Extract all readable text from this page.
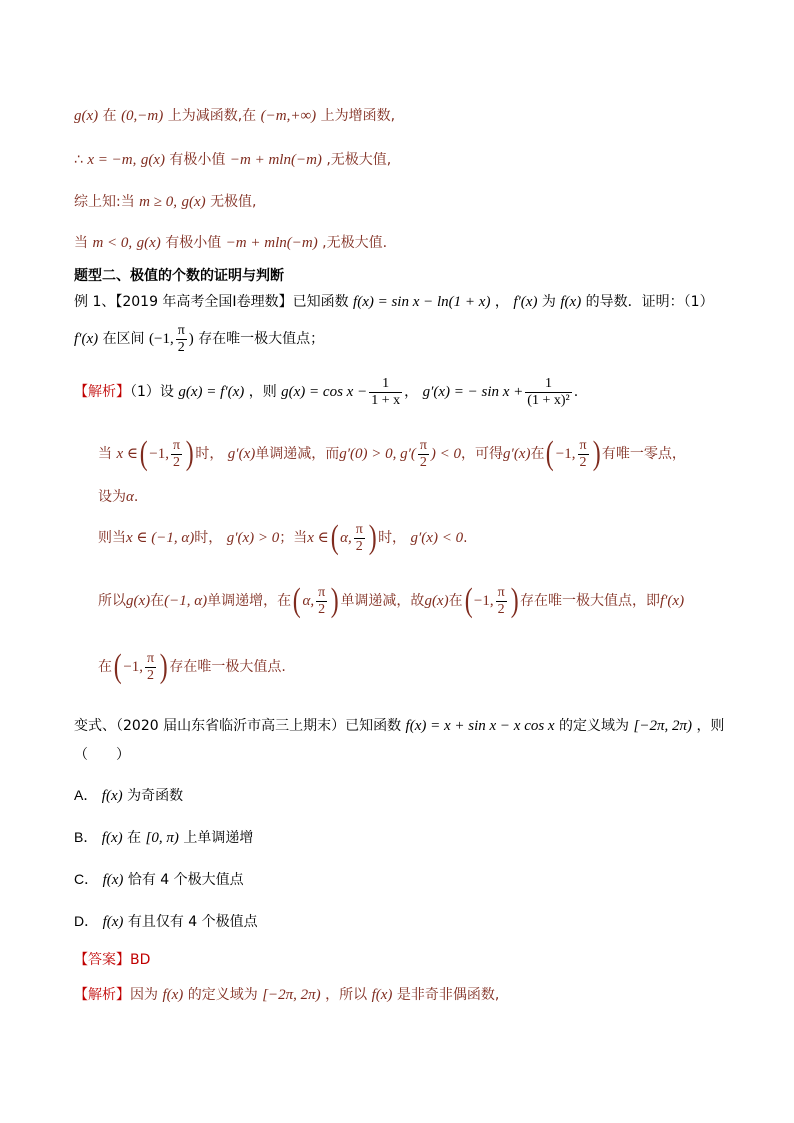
g(x) 在 (0,−m) 上为减函数,在 (−m,+∞) 上为增函数,
∴ x = −m, g(x) 有极小值 −m + mln(−m) ,无极大值,
综上知:当 m ≥ 0, g(x) 无极值,
当 m < 0, g(x) 有极小值 −m + mln(−m) ,无极大值.
题型二、极值的个数的证明与判断
例 1、【2019 年高考全国Ⅰ卷理数】已知函数 f(x) = sin x − ln(1 + x) ， f′(x) 为 f(x) 的导数．证明：（1）
f′(x) 在区间 (−1, $\frac{\pi}{2}$ ) 存在唯一极大值点；
【解析】（1）设 g(x) = f′(x) ，则 $g(x) = \cos x - \frac{1}{1 + x}$ ， g′(x) = − $\sin x + \frac{1}{\text{(1 + x)²}}$ .
当 x ∈( −1, $\frac{\pi}{2}$ ) 时， g′(x)单调递减，而g′(0) > 0, $g'( \frac{\pi}{2}$ ) < 0，可得g′(x)在( −1, $\frac{\pi}{2}$ ) 有唯一零点，
设为α.
则当x ∈ (−1, α)时， g′(x) > 0；当x ∈( α, $\frac{\pi}{2}$ ) 时， g′(x) < 0.
所以g(x)在(−1, α)单调递增，在( α, $\frac{\pi}{2}$ ) 单调递减，故g(x)在( −1, $\frac{\pi}{2}$ ) 存在唯一极大值点，即f′(x)
在( −1, $\frac{\pi}{2}$ ) 存在唯一极大值点.
变式、（2020 届山东省临沂市高三上期末）已知函数 f(x) = x + sin x − x cos x 的定义域为 [−2π, 2π) ，则
（　　）
A． f(x) 为奇函数
B． f(x) 在 [0, π) 上单调递增
C． f(x) 恰有 4 个极大值点
D． f(x) 有且仅有 4 个极值点
【答案】BD
【解析】因为 f(x) 的定义域为 [−2π, 2π) ，所以 f(x) 是非奇非偶函数,
